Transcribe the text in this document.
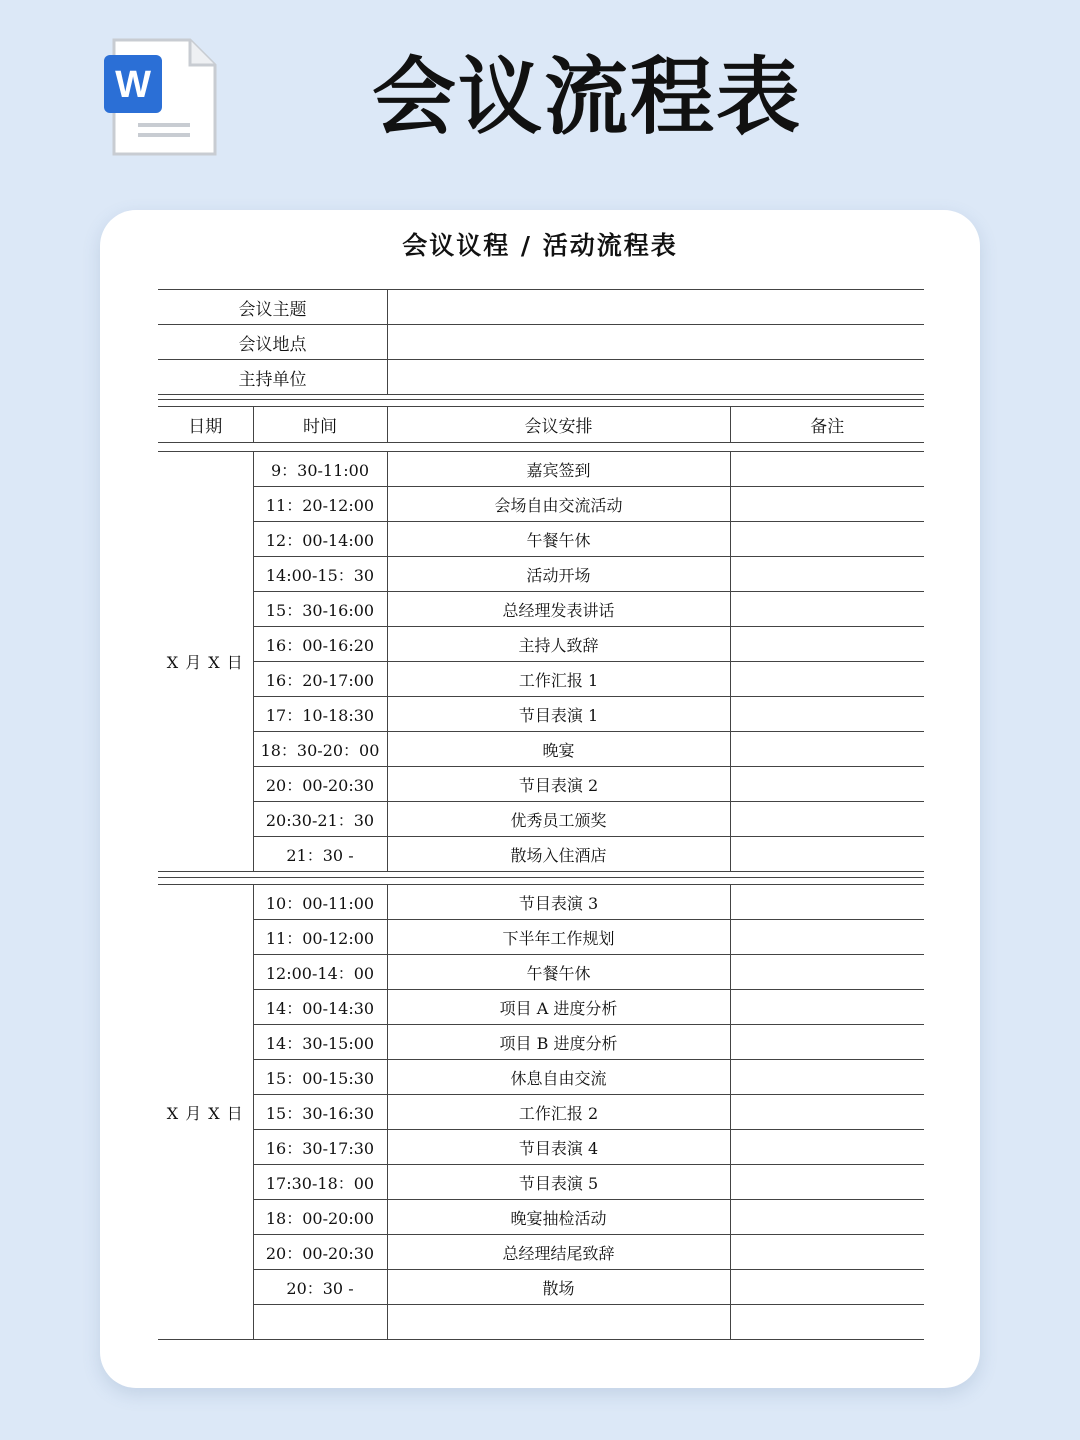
W	会议流程表
会议议程 / 活动流程表
会议主题	
会议地点	
主持单位	
日期	时间	会议安排	备注
X 月 X 日	9：30-11:00	嘉宾签到	
	11：20-12:00	会场自由交流活动	
	12：00-14:00	午餐午休	
	14:00-15：30	活动开场	
	15：30-16:00	总经理发表讲话	
	16：00-16:20	主持人致辞	
	16：20-17:00	工作汇报 1	
	17：10-18:30	节目表演 1	
	18：30-20：00	晚宴	
	20：00-20:30	节目表演 2	
	20:30-21：30	优秀员工颁奖	
	21：30 -	散场入住酒店	
X 月 X 日	10：00-11:00	节目表演 3	
	11：00-12:00	下半年工作规划	
	12:00-14：00	午餐午休	
	14：00-14:30	项目 A 进度分析	
	14：30-15:00	项目 B 进度分析	
	15：00-15:30	休息自由交流	
	15：30-16:30	工作汇报 2	
	16：30-17:30	节目表演 4	
	17:30-18：00	节目表演 5	
	18：00-20:00	晚宴抽检活动	
	20：00-20:30	总经理结尾致辞	
	20：30 -	散场	
